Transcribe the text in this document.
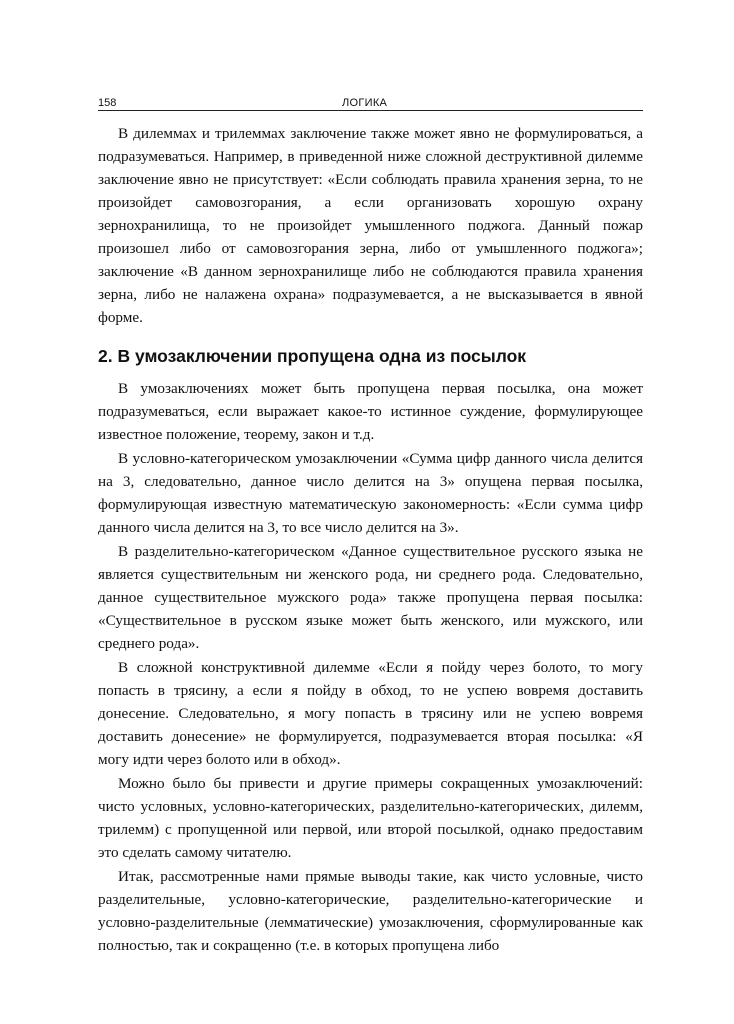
158	ЛОГИКА

В дилеммах и трилеммах заключение также может явно не формулироваться, а подразумеваться. Например, в приведенной ниже сложной деструктивной дилемме заключение явно не присутствует: «Если соблюдать правила хранения зерна, то не произойдет самовозгорания, а если организовать хорошую охрану зернохранилища, то не произойдет умышленного поджога. Данный пожар произошел либо от самовозгорания зерна, либо от умышленного поджога»; заключение «В данном зернохранилище либо не соблюдаются правила хранения зерна, либо не налажена охрана» подразумевается, а не высказывается в явной форме.

2. В умозаключении пропущена одна из посылок

В умозаключениях может быть пропущена первая посылка, она может подразумеваться, если выражает какое-то истинное суждение, формулирующее известное положение, теорему, закон и т.д.

В условно-категорическом умозаключении «Сумма цифр данного числа делится на 3, следовательно, данное число делится на 3» опущена первая посылка, формулирующая известную математическую закономерность: «Если сумма цифр данного числа делится на 3, то все число делится на 3».

В разделительно-категорическом «Данное существительное русского языка не является существительным ни женского рода, ни среднего рода. Следовательно, данное существительное мужского рода» также пропущена первая посылка: «Существительное в русском языке может быть женского, или мужского, или среднего рода».

В сложной конструктивной дилемме «Если я пойду через болото, то могу попасть в трясину, а если я пойду в обход, то не успею вовремя доставить донесение. Следовательно, я могу попасть в трясину или не успею вовремя доставить донесение» не формулируется, подразумевается вторая посылка: «Я могу идти через болото или в обход».

Можно было бы привести и другие примеры сокращенных умозаключений: чисто условных, условно-категорических, разделительно-категорических, дилемм, трилемм) с пропущенной или первой, или второй посылкой, однако предоставим это сделать самому читателю.

Итак, рассмотренные нами прямые выводы такие, как чисто условные, чисто разделительные, условно-категорические, разделительно-категорические и условно-разделительные (лемматические) умозаключения, сформулированные как полностью, так и сокращенно (т.е. в которых пропущена либо
